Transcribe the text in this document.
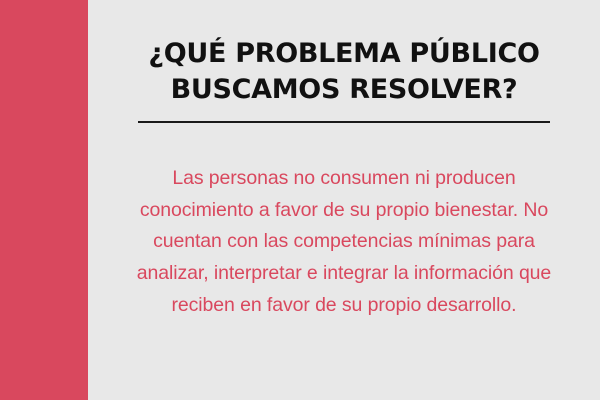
¿QUÉ PROBLEMA PÚBLICO BUSCAMOS RESOLVER?

Las personas no consumen ni producen conocimiento a favor de su propio bienestar. No cuentan con las competencias mínimas para analizar, interpretar e integrar la información que reciben en favor de su propio desarrollo.
